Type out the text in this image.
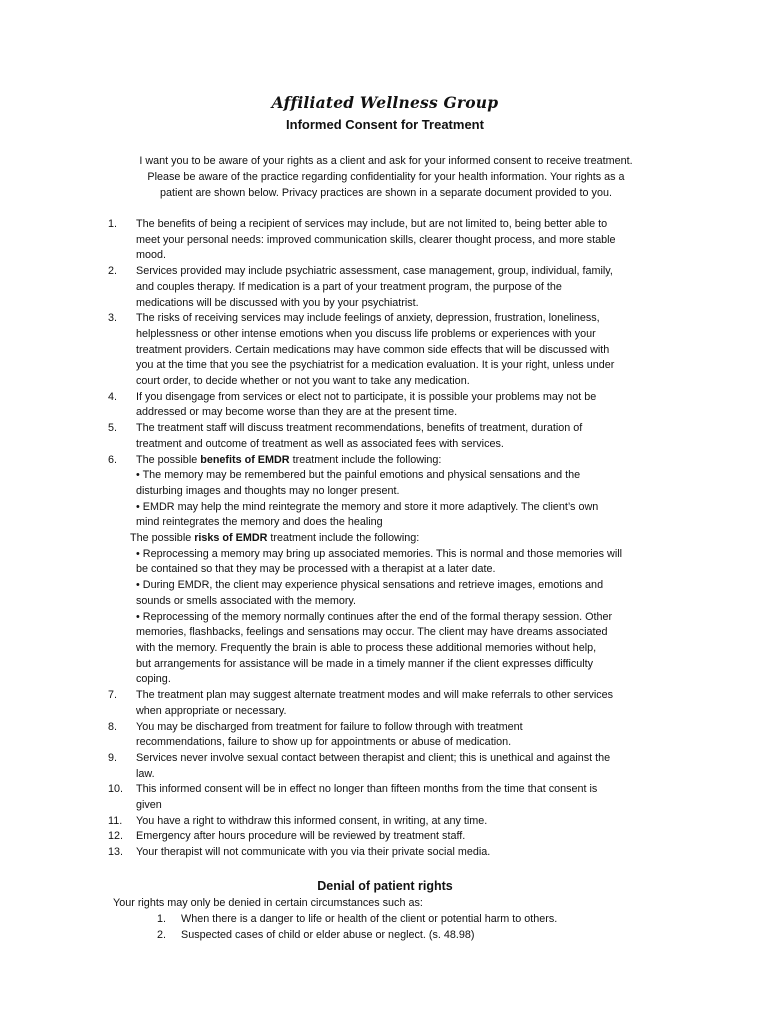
Affiliated Wellness Group
Informed Consent for Treatment
I want you to be aware of your rights as a client and ask for your informed consent to receive treatment.
Please be aware of the practice regarding confidentiality for your health information. Your rights as a
patient are shown below. Privacy practices are shown in a separate document provided to you.
1.	The benefits of being a recipient of services may include, but are not limited to, being better able to
meet your personal needs: improved communication skills, clearer thought process, and more stable
mood.
2.	Services provided may include psychiatric assessment, case management, group, individual, family,
and couples therapy. If medication is a part of your treatment program, the purpose of the
medications will be discussed with you by your psychiatrist.
3.	The risks of receiving services may include feelings of anxiety, depression, frustration, loneliness,
helplessness or other intense emotions when you discuss life problems or experiences with your
treatment providers. Certain medications may have common side effects that will be discussed with
you at the time that you see the psychiatrist for a medication evaluation. It is your right, unless under
court order, to decide whether or not you want to take any medication.
4.	If you disengage from services or elect not to participate, it is possible your problems may not be
addressed or may become worse than they are at the present time.
5.	The treatment staff will discuss treatment recommendations, benefits of treatment, duration of
treatment and outcome of treatment as well as associated fees with services.
6.	The possible benefits of EMDR treatment include the following:
• The memory may be remembered but the painful emotions and physical sensations and the
disturbing images and thoughts may no longer present.
• EMDR may help the mind reintegrate the memory and store it more adaptively. The client’s own
mind reintegrates the memory and does the healing
The possible risks of EMDR treatment include the following:
• Reprocessing a memory may bring up associated memories. This is normal and those memories will
be contained so that they may be processed with a therapist at a later date.
• During EMDR, the client may experience physical sensations and retrieve images, emotions and
sounds or smells associated with the memory.
• Reprocessing of the memory normally continues after the end of the formal therapy session. Other
memories, flashbacks, feelings and sensations may occur. The client may have dreams associated
with the memory. Frequently the brain is able to process these additional memories without help,
but arrangements for assistance will be made in a timely manner if the client expresses difficulty
coping.
7.	The treatment plan may suggest alternate treatment modes and will make referrals to other services
when appropriate or necessary.
8.	You may be discharged from treatment for failure to follow through with treatment
recommendations, failure to show up for appointments or abuse of medication.
9.	Services never involve sexual contact between therapist and client; this is unethical and against the
law.
10.	This informed consent will be in effect no longer than fifteen months from the time that consent is
given
11.	You have a right to withdraw this informed consent, in writing, at any time.
12.	Emergency after hours procedure will be reviewed by treatment staff.
13.	Your therapist will not communicate with you via their private social media.
Denial of patient rights
Your rights may only be denied in certain circumstances such as:
1.	When there is a danger to life or health of the client or potential harm to others.
2.	Suspected cases of child or elder abuse or neglect. (s. 48.98)
